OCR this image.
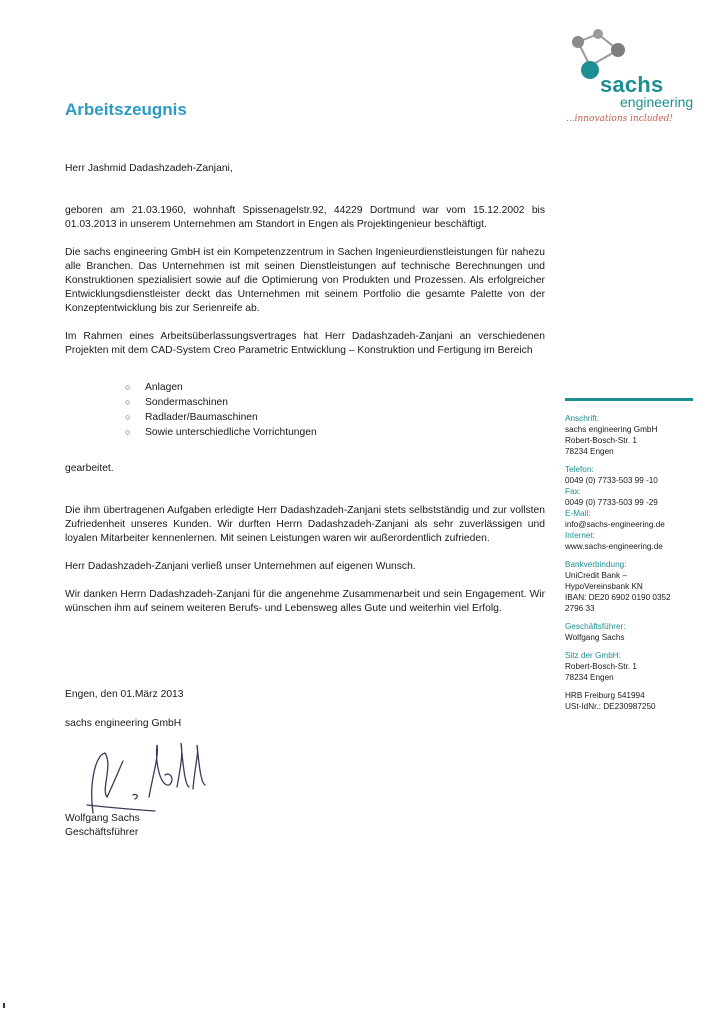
sachs
engineering
...innovations included!
Arbeitszeugnis

Herr Jashmid Dadashzadeh-Zanjani,

geboren am 21.03.1960, wohnhaft Spissenagelstr.92, 44229 Dortmund war vom 15.12.2002 bis 01.03.2013 in unserem Unternehmen am Standort in Engen als Projektingenieur beschäftigt.

Die sachs engineering GmbH ist ein Kompetenzzentrum in Sachen Ingenieurdienstleistungen für nahezu alle Branchen. Das Unternehmen ist mit seinen Dienstleistungen auf technische Berechnungen und Konstruktionen spezialisiert sowie auf die Optimierung von Produkten und Prozessen. Als erfolgreicher Entwicklungsdienstleister deckt das Unternehmen mit seinem Portfolio die gesamte Palette von der Konzeptentwicklung bis zur Serienreife ab.

Im Rahmen eines Arbeitsüberlassungsvertrages hat Herr Dadashzadeh-Zanjani an verschiedenen Projekten mit dem CAD-System Creo Parametric Entwicklung – Konstruktion und Fertigung im Bereich

○ Anlagen
○ Sondermaschinen
○ Radlader/Baumaschinen
○ Sowie unterschiedliche Vorrichtungen

gearbeitet.

Die ihm übertragenen Aufgaben erledigte Herr Dadashzadeh-Zanjani stets selbstständig und zur vollsten Zufriedenheit unseres Kunden. Wir durften Herrn Dadashzadeh-Zanjani als sehr zuverlässigen und loyalen Mitarbeiter kennenlernen. Mit seinen Leistungen waren wir außerordentlich zufrieden.

Herr Dadashzadeh-Zanjani verließ unser Unternehmen auf eigenen Wunsch.

Wir danken Herrn Dadashzadeh-Zanjani für die angenehme Zusammenarbeit und sein Engagement. Wir wünschen ihm auf seinem weiteren Berufs- und Lebensweg alles Gute und weiterhin viel Erfolg.

Engen, den 01.März 2013
sachs engineering GmbH
Wolfgang Sachs
Geschäftsführer
Anschrift:
sachs engineering GmbH
Robert-Bosch-Str. 1
78234 Engen
Telefon:
0049 (0) 7733-503 99 -10
Fax:
0049 (0) 7733-503 99 -29
E-Mail:
info@sachs-engineering.de
Internet:
www.sachs-engineering.de
Bankverbindung:
UniCredit Bank –
HypoVereinsbank KN
IBAN: DE20 6902 0190 0352
2796 33
Geschäftsführer:
Wolfgang Sachs
Sitz der GmbH:
Robert-Bosch-Str. 1
78234 Engen
HRB Freiburg 541994
USt-IdNr.: DE230987250
